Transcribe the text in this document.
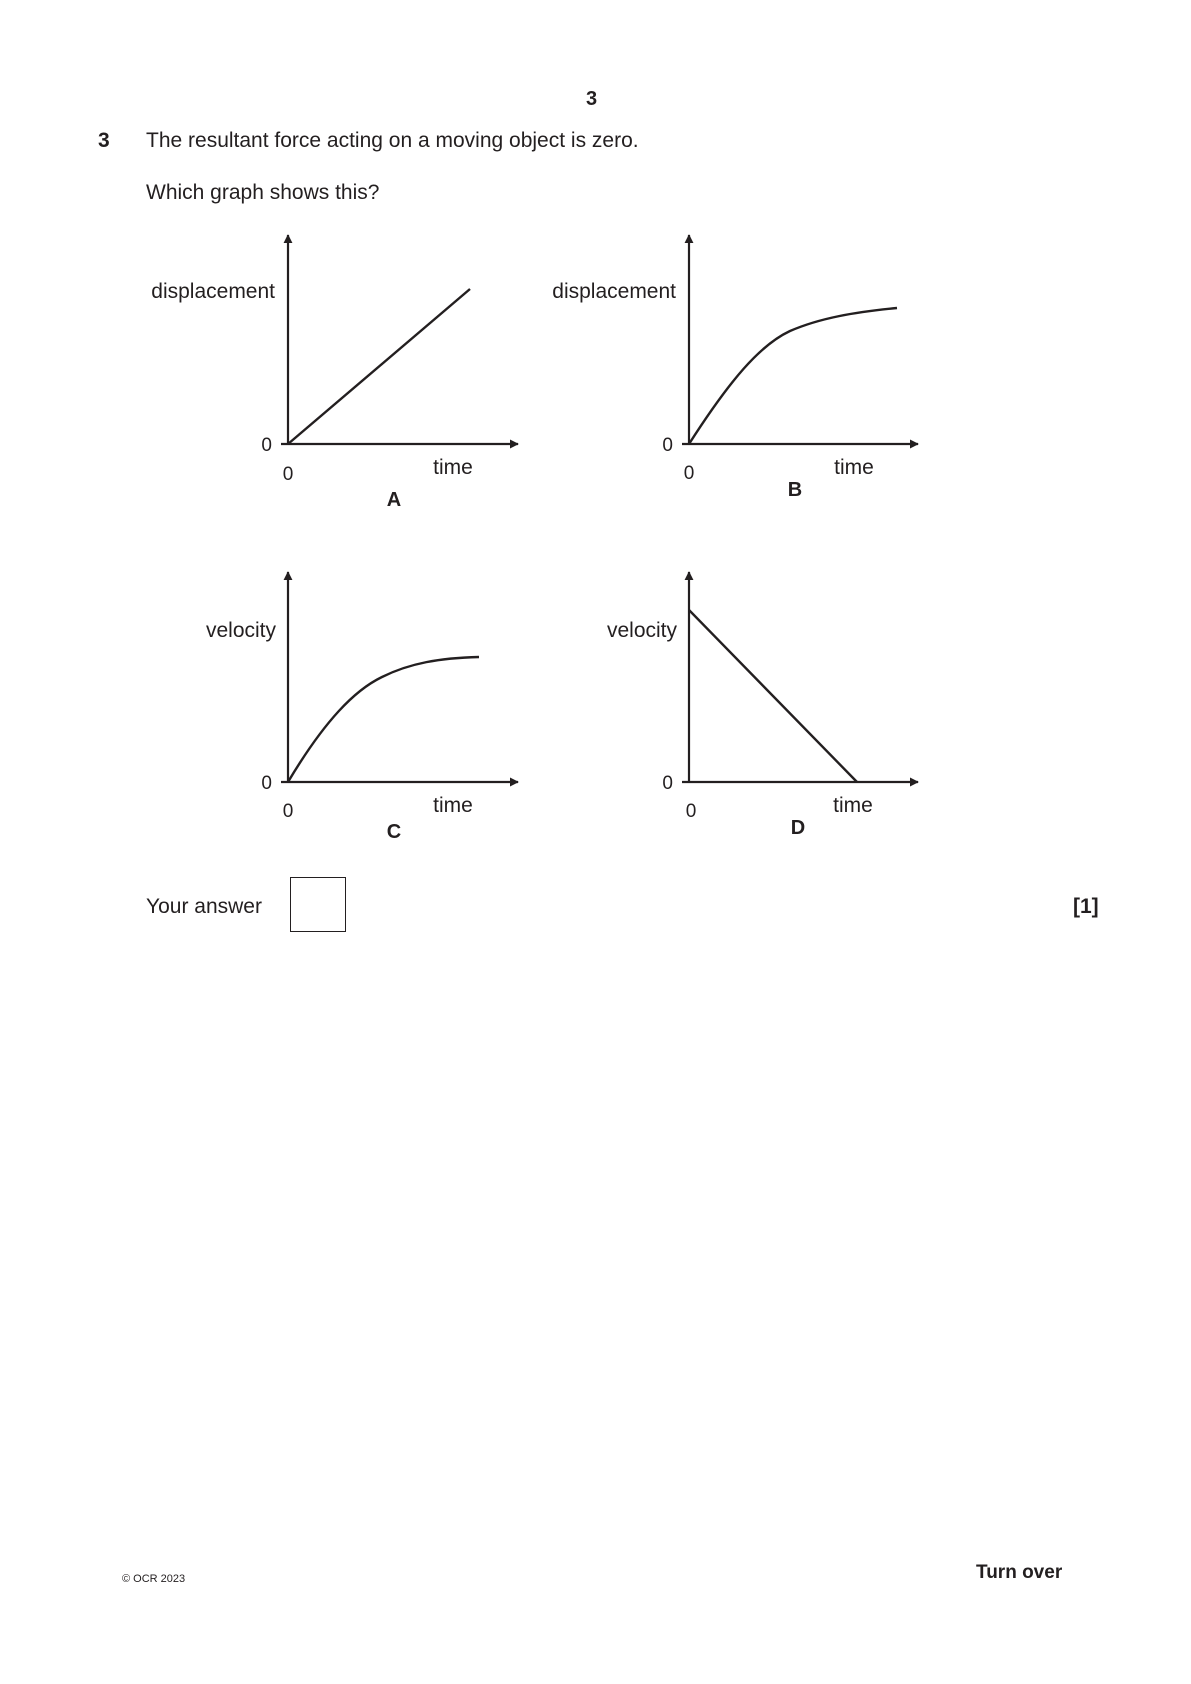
3
3 The resultant force acting on a moving object is zero.
Which graph shows this?
displacement
0
0	time
A
displacement
0
0	time
B
velocity
0
0	time
C
velocity
0
0	time
D
Your answer	[1]
© OCR 2023	Turn over
